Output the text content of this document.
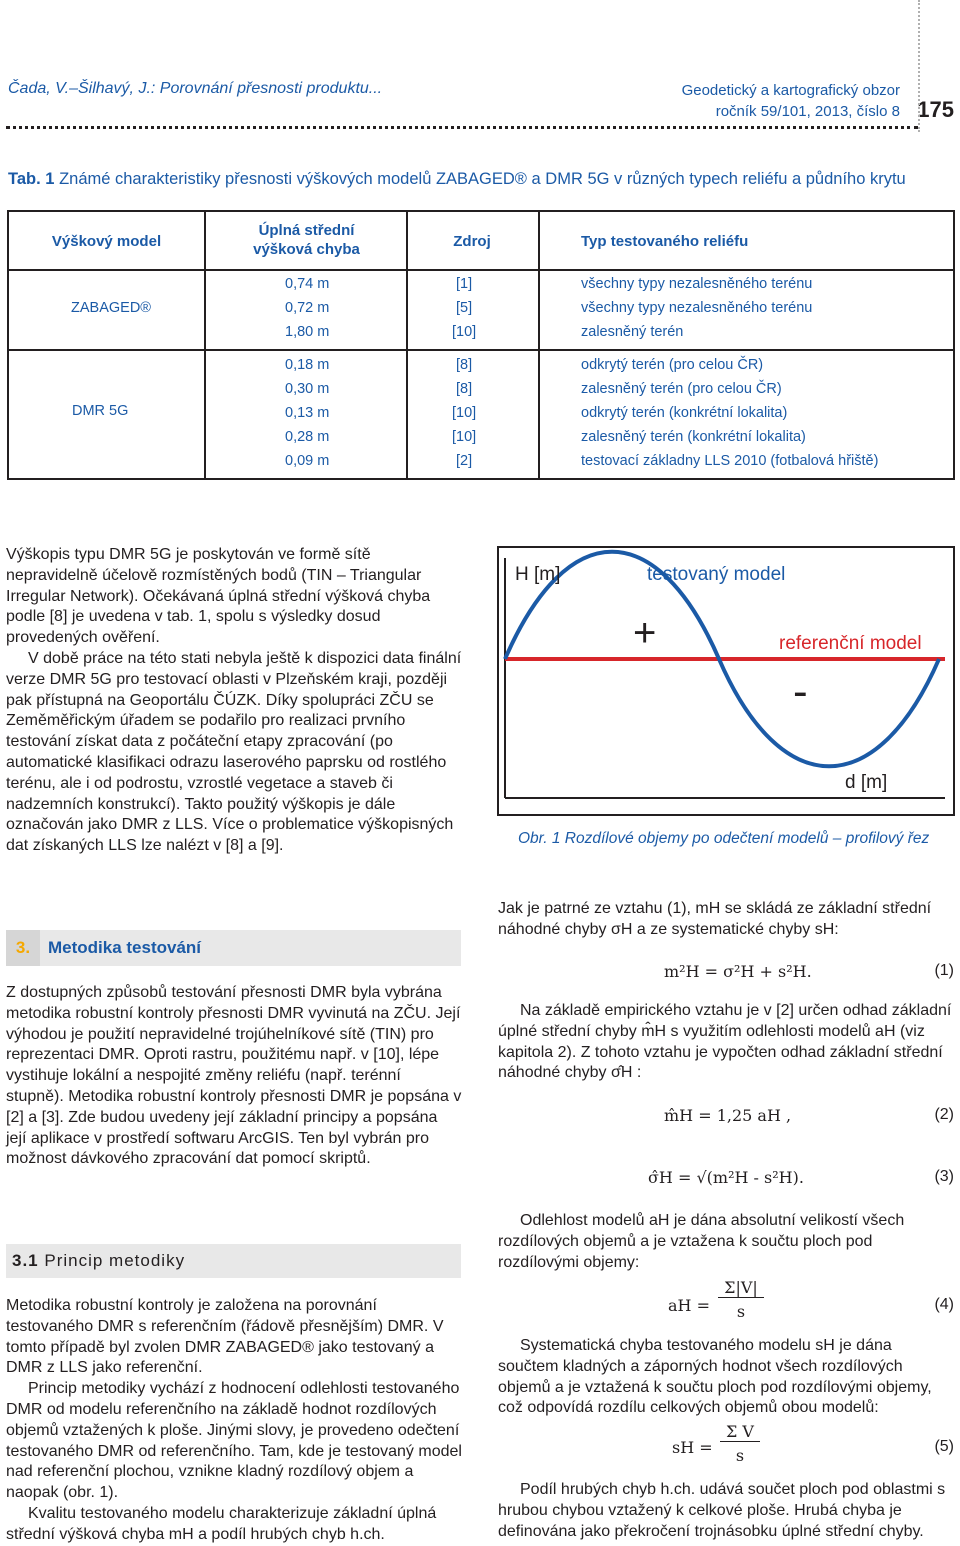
Čada, V.–Šilhavý, J.: Porovnání přesnosti produktu...	Geodetický a kartografický obzor
ročník 59/101, 2013, číslo 8 175
Tab. 1 Známé charakteristiky přesnosti výškových modelů ZABAGED® a DMR 5G v různých typech reliéfu a půdního krytu
Výškový model
Úplná střední výšková chyba	Zdroj	Typ testovaného reliéfu
ZABAGED®
0,74 m	[1]	všechny typy nezalesněného terénu
0,72 m	[5]	všechny typy nezalesněného terénu
1,80 m	[10]	zalesněný terén
DMR 5G
0,18 m	[8]	odkrytý terén (pro celou ČR)
0,30 m	[8]	zalesněný terén (pro celou ČR)
0,13 m	[10]	odkrytý terén (konkrétní lokalita)
0,28 m	[10]	zalesněný terén (konkrétní lokalita)
0,09 m	[2]	testovací základny LLS 2010 (fotbalová hřiště)

Výškopis typu DMR 5G je poskytován ve formě sítě nepravidelně účelově rozmístěných bodů (TIN – Triangular Irregular Network). Očekávaná úplná střední výšková chyba podle [8] je uvedena v tab. 1, spolu s výsledky dosud provedených ověření.

V době práce na této stati nebyla ještě k dispozici data finální verze DMR 5G pro testovací oblasti v Plzeňském kraji, později pak přístupná na Geoportálu ČÚZK. Díky spolupráci ZČU se Zeměměřickým úřadem se podařilo pro realizaci prvního testování získat data z počáteční etapy zpracování (po automatické klasifikaci odrazu laserového paprsku od rostlého terénu, ale i od podrostu, vzrostlé vegetace a staveb či nadzemních konstrukcí). Takto použitý výškopis je dále označován jako DMR z LLS. Více o problematice výškopisných dat získaných LLS lze nalézt v [8] a [9].

3.	Metodika testování

Z dostupných způsobů testování přesnosti DMR byla vybrána metodika robustní kontroly přesnosti DMR vyvinutá na ZČU. Její výhodou je použití nepravidelné trojúhelníkové sítě (TIN) pro reprezentaci DMR. Oproti rastru, použitému např. v [10], lépe vystihuje lokální a nespojité změny reliéfu (např. terénní stupně). Metodika robustní kontroly přesnosti DMR je popsána v [2] a [3]. Zde budou uvedeny její základní principy a popsána její aplikace v prostředí softwaru ArcGIS. Ten byl vybrán pro možnost dávkového zpracování dat pomocí skriptů.

3.1 Princip metodiky

Metodika robustní kontroly je založena na porovnání testovaného DMR s referenčním (řádově přesnějším) DMR. V tomto případě byl zvolen DMR ZABAGED® jako testovaný a DMR z LLS jako referenční.

Princip metodiky vychází z hodnocení odlehlosti testovaného DMR od modelu referenčního na základě hodnot rozdílových objemů vztažených k ploše. Jinými slovy, je provedeno odečtení testovaného DMR od referenčního. Tam, kde je testovaný model nad referenční plochou, vznikne kladný rozdílový objem a naopak (obr. 1).

Kvalitu testovaného modelu charakterizuje základní úplná střední výšková chyba mH a podíl hrubých chyb h.ch.

H [m]	testovaný model
referenční model
+
-
d [m]
Obr. 1 Rozdílové objemy po odečtení modelů – profilový řez

Jak je patrné ze vztahu (1), mH se skládá ze základní střední náhodné chyby σH a ze systematické chyby sH:

m²H = σ²H + s²H.	(1)

Na základě empirického vztahu je v [2] určen odhad základní úplné střední chyby m̂H s využitím odlehlosti modelů aH (viz kapitola 2). Z tohoto vztahu je vypočten odhad základní střední náhodné chyby σ̂H :

m̂H = 1,25 aH ,	(2)
σ̂H = √(m²H - s²H).	(3)

Odlehlost modelů aH je dána absolutní velikostí všech rozdílových objemů a je vztažena k součtu ploch pod rozdílovými objemy:

aH =
Σ|V|
s	(4)

Systematická chyba testovaného modelu sH je dána součtem kladných a záporných hodnot všech rozdílových objemů a je vztažená k součtu ploch pod rozdílovými objemy, což odpovídá rozdílu celkových objemů obou modelů:

sH =
Σ V
s	(5)

Podíl hrubých chyb h.ch. udává součet ploch pod oblastmi s hrubou chybou vztažený k celkové ploše. Hrubá chyba je definována jako překročení trojnásobku úplné střední chyby.
